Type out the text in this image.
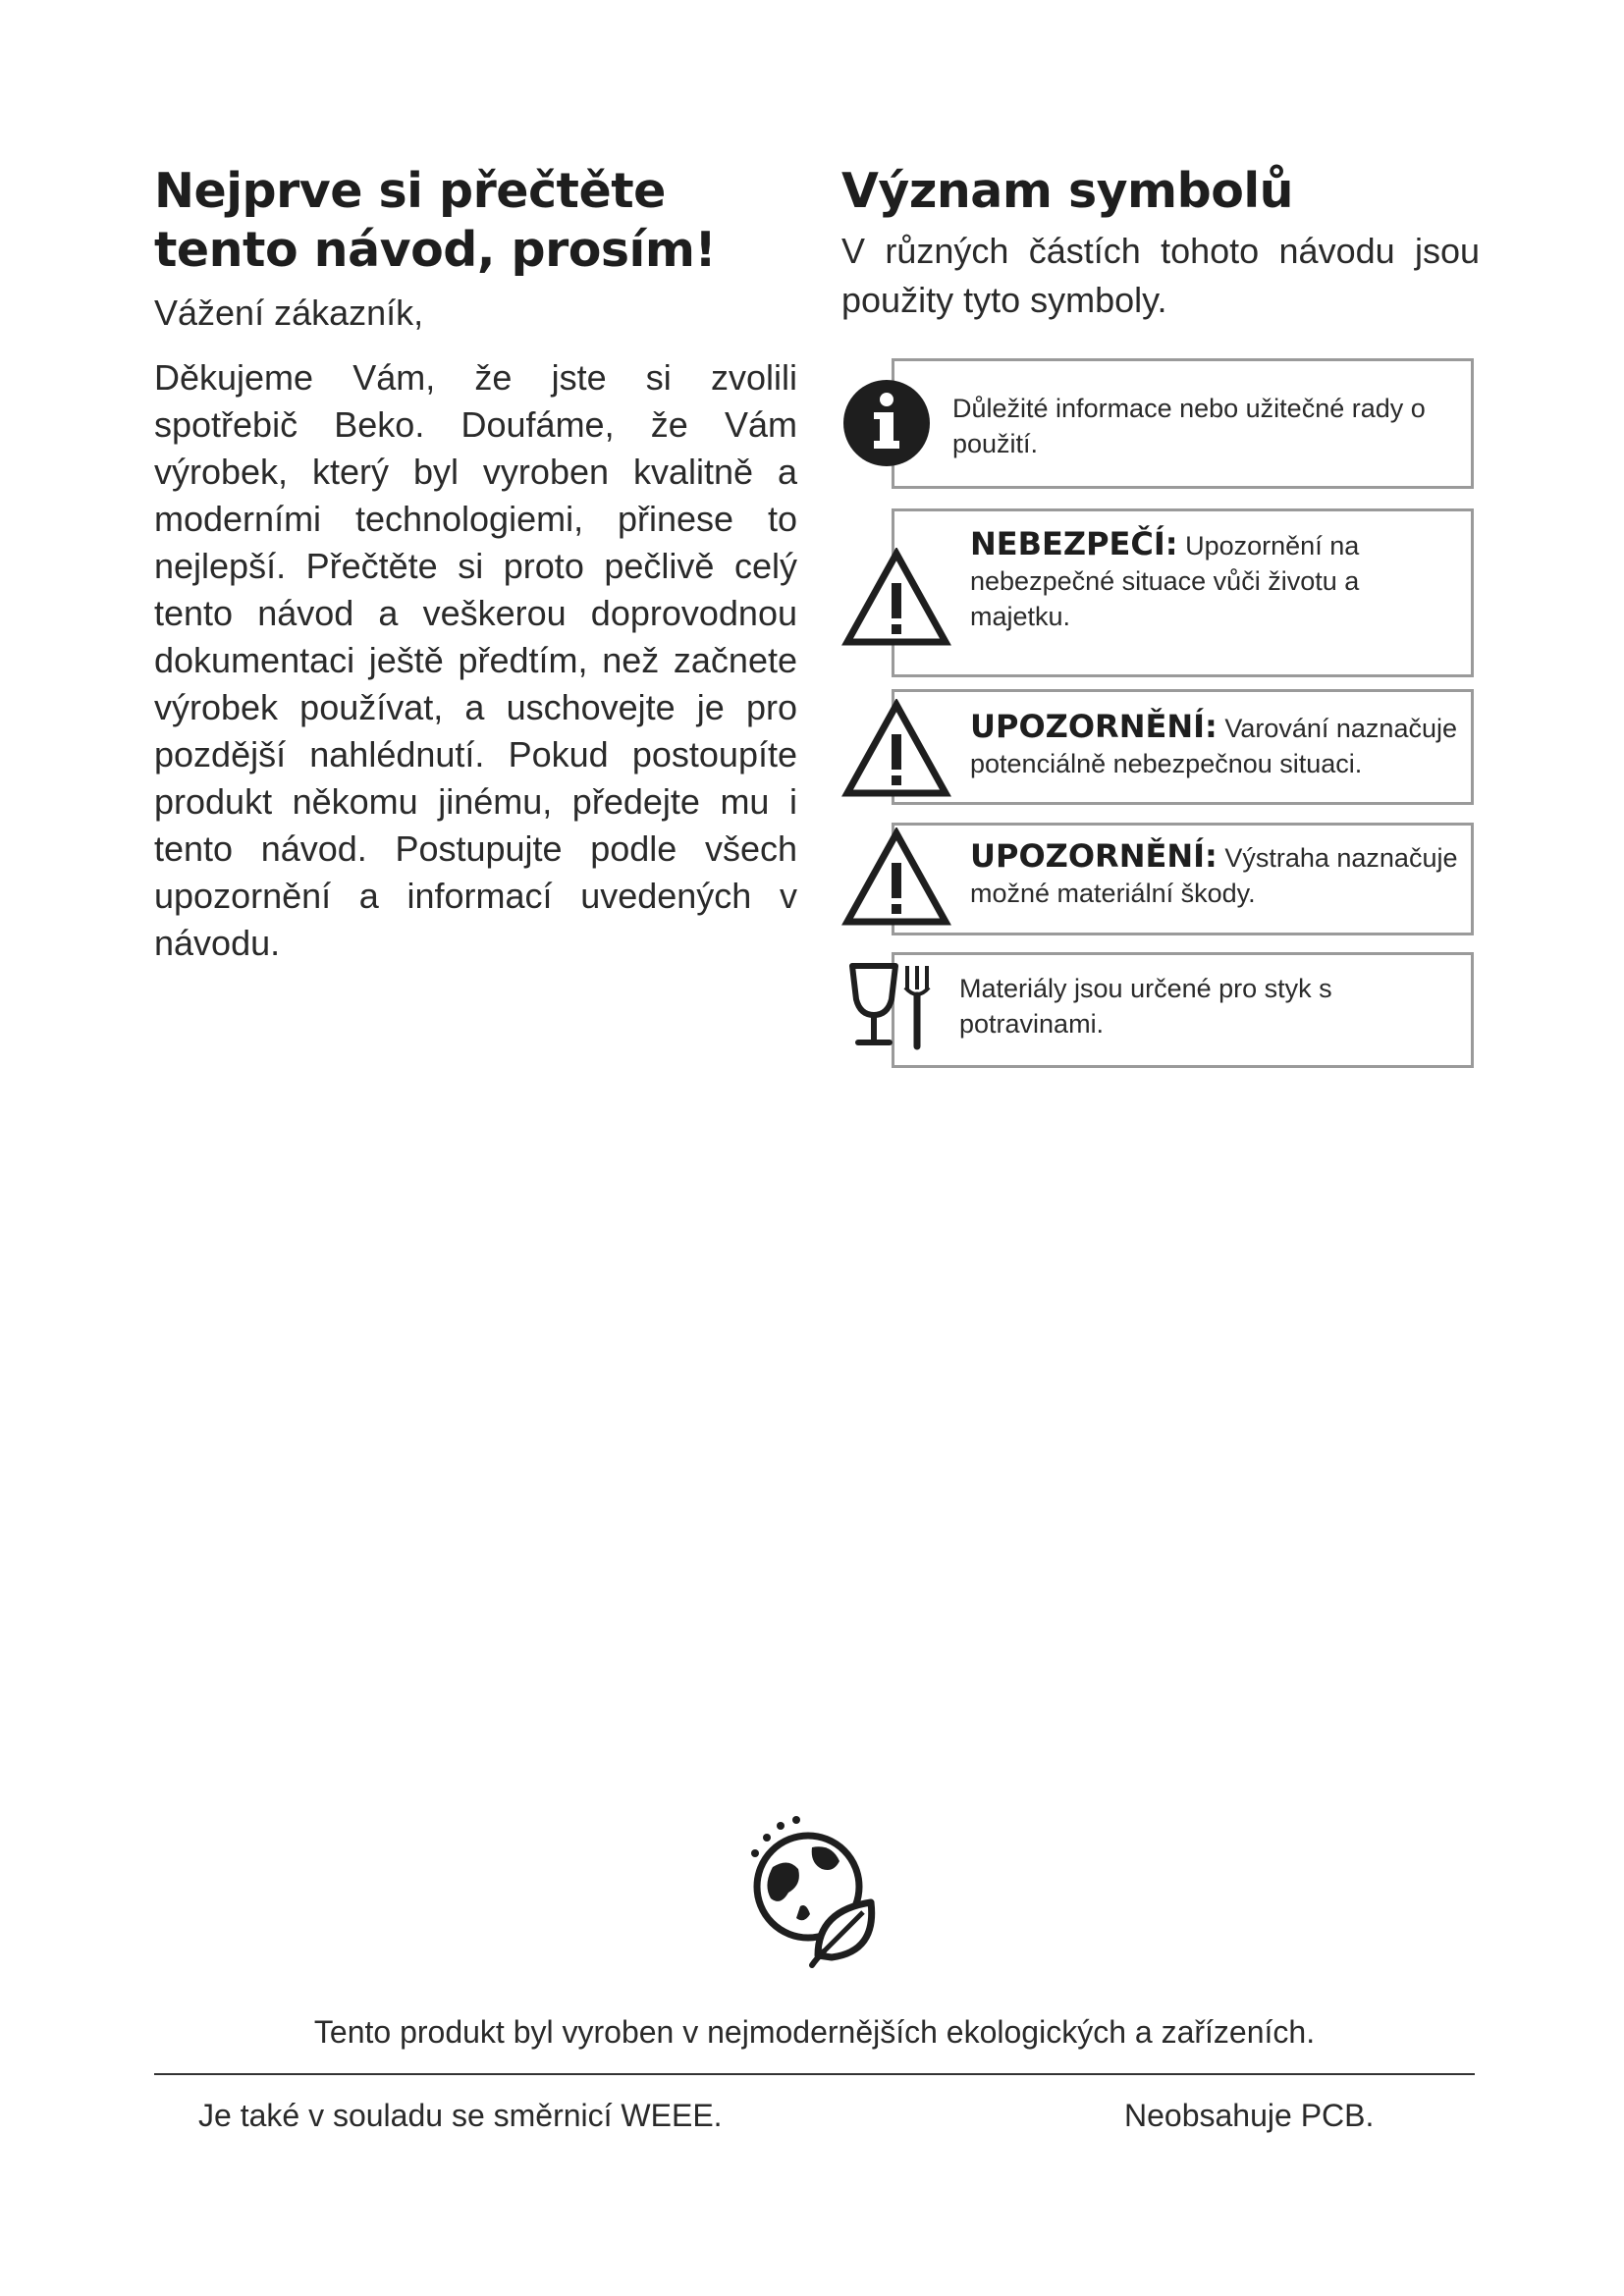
Nejprve si přečtěte tento návod, prosím!

Vážení zákazník,

Děkujeme Vám, že jste si zvolili spotřebič Beko. Doufáme, že Vám výrobek, který byl vyroben kvalitně a moderními technologiemi, přinese to nejlepší. Přečtěte si proto pečlivě celý tento návod a veškerou doprovodnou dokumentaci ještě předtím, než začnete výrobek používat, a uschovejte je pro pozdější nahlédnutí. Pokud postoupíte produkt někomu jinému, předejte mu i tento návod. Postupujte podle všech upozornění a informací uvedených v návodu.

Význam symbolů

V různých částích tohoto návodu jsou použity tyto symboly.

Důležité informace nebo užitečné rady o použití.
NEBEZPEČÍ: Upozornění na nebezpečné situace vůči životu a majetku.
UPOZORNĚNÍ: Varování naznačuje potenciálně nebezpečnou situaci.
UPOZORNĚNÍ: Výstraha naznačuje možné materiální škody.
Materiály jsou určené pro styk s potravinami.
Tento produkt byl vyroben v nejmodernějších ekologických a zařízeních.
Je také v souladu se směrnicí WEEE.	Neobsahuje PCB.
